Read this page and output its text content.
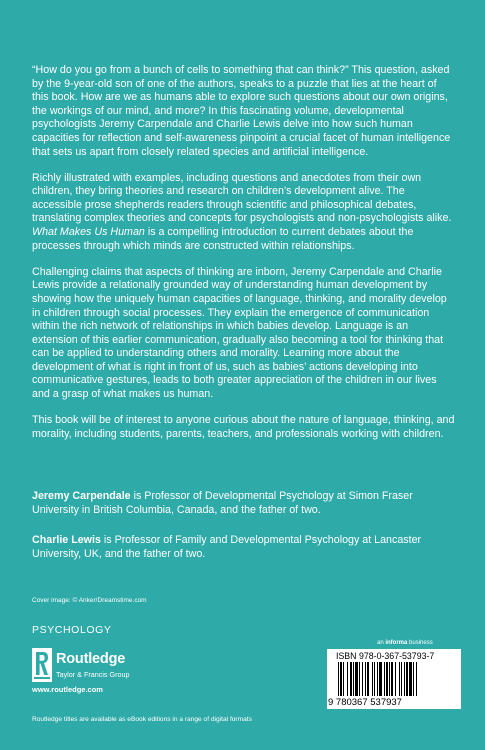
“How do you go from a bunch of cells to something that can think?” This question, asked by the 9-year-old son of one of the authors, speaks to a puzzle that lies at the heart of this book. How are we as humans able to explore such questions about our own origins, the workings of our mind, and more? In this fascinating volume, developmental psychologists Jeremy Carpendale and Charlie Lewis delve into how such human capacities for reflection and self-awareness pinpoint a crucial facet of human intelligence that sets us apart from closely related species and artificial intelligence.

Richly illustrated with examples, including questions and anecdotes from their own children, they bring theories and research on children’s development alive. The accessible prose shepherds readers through scientific and philosophical debates, translating complex theories and concepts for psychologists and non-psychologists alike. What Makes Us Human is a compelling introduction to current debates about the processes through which minds are constructed within relationships.

Challenging claims that aspects of thinking are inborn, Jeremy Carpendale and Charlie Lewis provide a relationally grounded way of understanding human development by showing how the uniquely human capacities of language, thinking, and morality develop in children through social processes. They explain the emergence of communication within the rich network of relationships in which babies develop. Language is an extension of this earlier communication, gradually also becoming a tool for thinking that can be applied to understanding others and morality. Learning more about the development of what is right in front of us, such as babies’ actions developing into communicative gestures, leads to both greater appreciation of the children in our lives and a grasp of what makes us human.

This book will be of interest to anyone curious about the nature of language, thinking, and morality, including students, parents, teachers, and professionals working with children.

Jeremy Carpendale is Professor of Developmental Psychology at Simon Fraser University in British Columbia, Canada, and the father of two.

Charlie Lewis is Professor of Family and Developmental Psychology at Lancaster University, UK, and the father of two.

Cover image: © Anker/Dreamstime.com

PSYCHOLOGY

Routledge
Taylor & Francis Group
www.routledge.com

Routledge titles are available as eBook editions in a range of digital formats

an informa business
ISBN 978-0-367-53793-7
9 780367 537937
